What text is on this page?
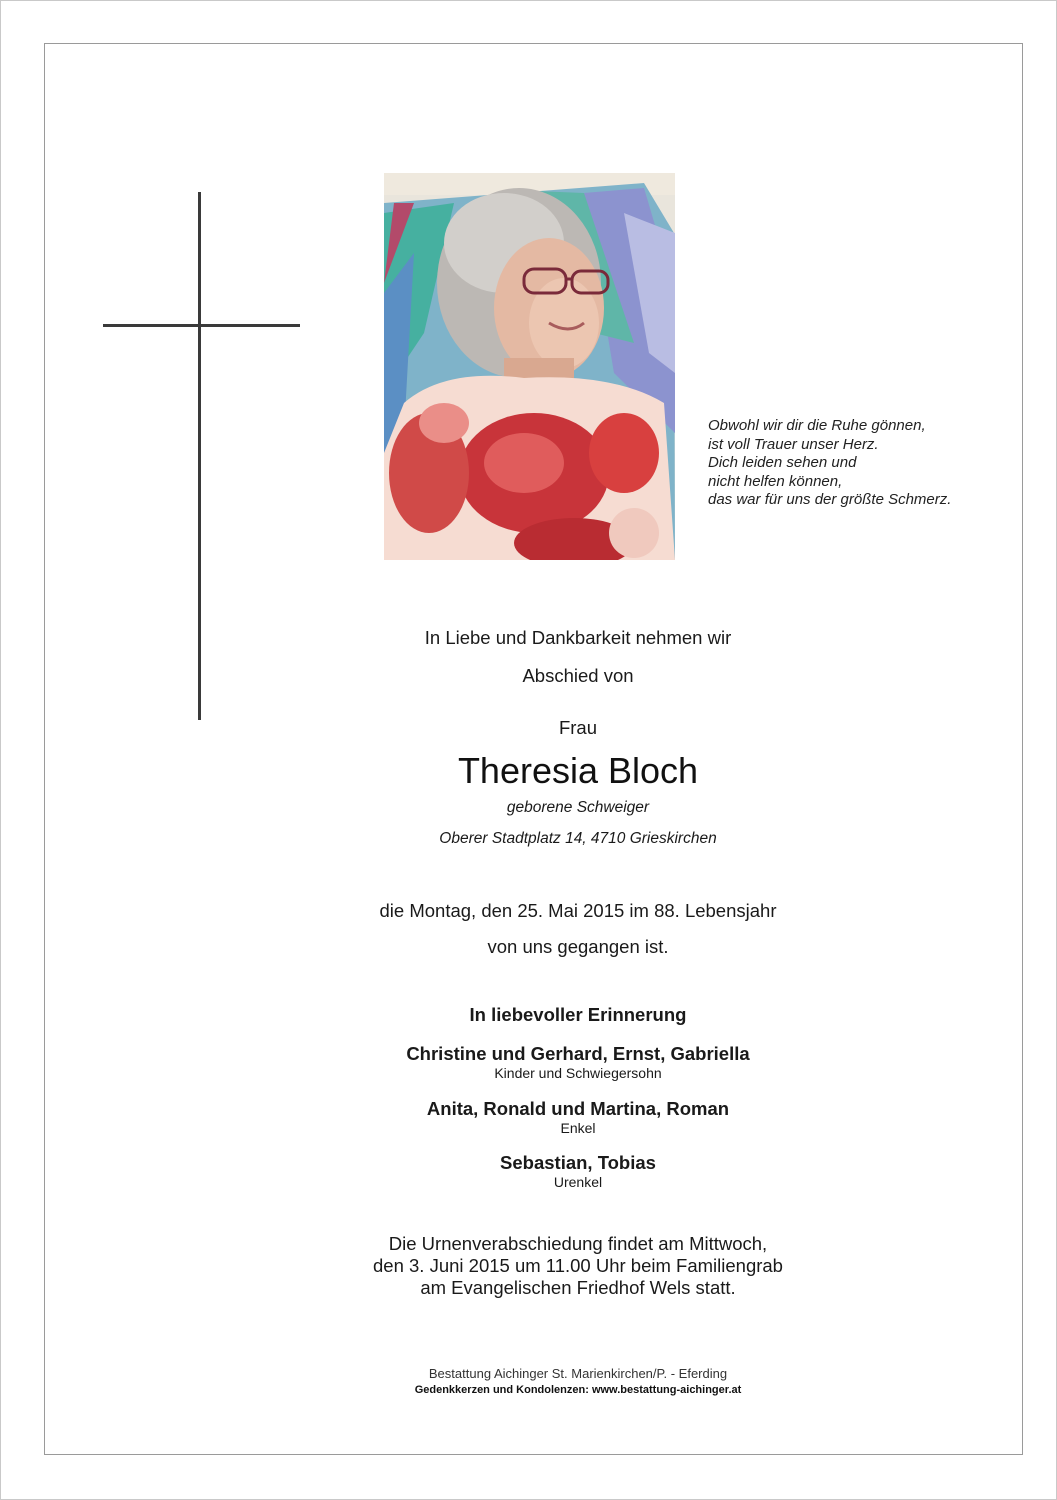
Obwohl wir dir die Ruhe gönnen,
ist voll Trauer unser Herz.
Dich leiden sehen und
nicht helfen können,
das war für uns der größte Schmerz.
In Liebe und Dankbarkeit nehmen wir
Abschied von
Frau
Theresia Bloch
geborene Schweiger
Oberer Stadtplatz 14, 4710 Grieskirchen
die Montag, den 25. Mai 2015 im 88. Lebensjahr
von uns gegangen ist.
In liebevoller Erinnerung
Christine und Gerhard, Ernst, Gabriella
Kinder und Schwiegersohn
Anita, Ronald und Martina, Roman
Enkel
Sebastian, Tobias
Urenkel
Die Urnenverabschiedung findet am Mittwoch,
den 3. Juni 2015 um 11.00 Uhr beim Familiengrab
am Evangelischen Friedhof Wels statt.
Bestattung Aichinger St. Marienkirchen/P. - Eferding
Gedenkkerzen und Kondolenzen: www.bestattung-aichinger.at
